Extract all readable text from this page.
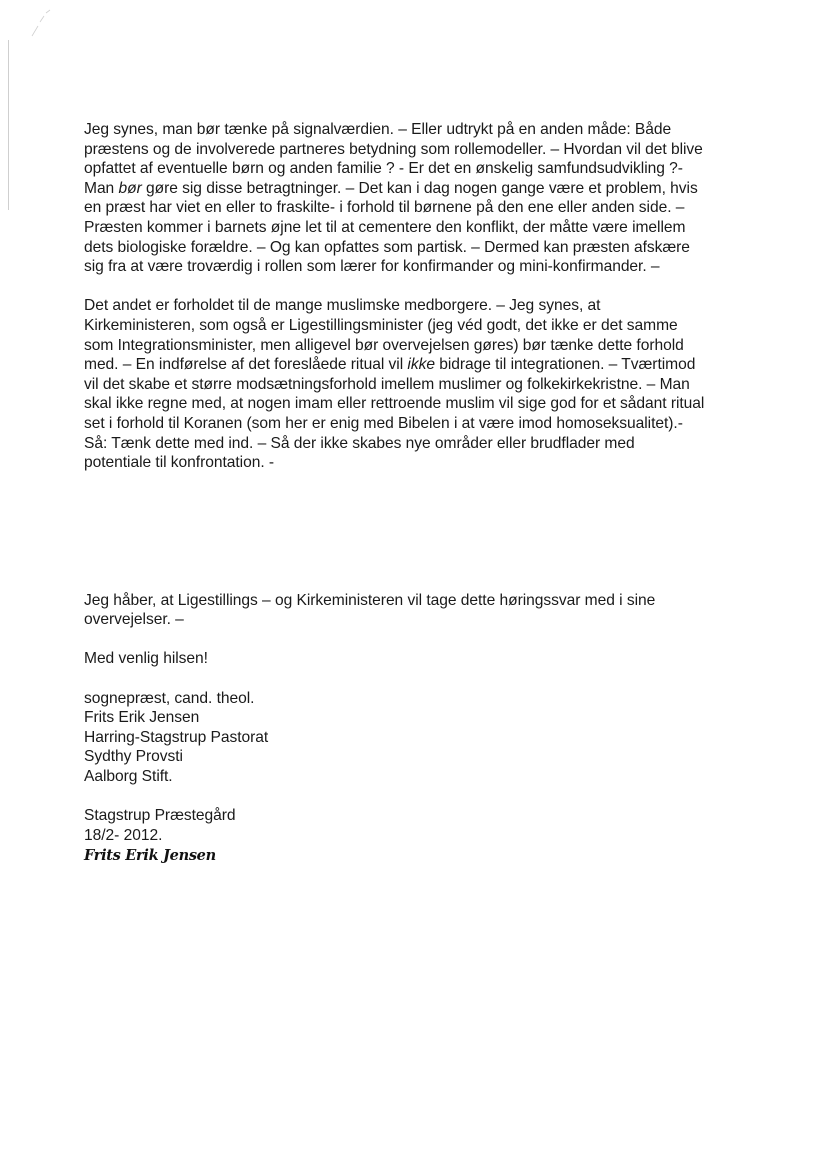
Jeg synes, man bør tænke på signalværdien. – Eller udtrykt på en anden måde: Både
præstens og de involverede partneres betydning som rollemodeller. – Hvordan vil det blive
opfattet af eventuelle børn og anden familie ? - Er det en ønskelig samfundsudvikling ?-
Man bør gøre sig disse betragtninger. – Det kan i dag nogen gange være et problem, hvis
en præst har viet en eller to fraskilte- i forhold til børnene på den ene eller anden side. –
Præsten kommer i barnets øjne let til at cementere den konflikt, der måtte være imellem
dets biologiske forældre. – Og kan opfattes som partisk. – Dermed kan præsten afskære
sig fra at være troværdig i rollen som lærer for konfirmander og mini-konfirmander. –
Det andet er forholdet til de mange muslimske medborgere. – Jeg synes, at
Kirkeministeren, som også er Ligestillingsminister (jeg véd godt, det ikke er det samme
som Integrationsminister, men alligevel bør overvejelsen gøres) bør tænke dette forhold
med. – En indførelse af det foreslåede ritual vil ikke bidrage til integrationen. – Tværtimod
vil det skabe et større modsætningsforhold imellem muslimer og folkekirkekristne. – Man
skal ikke regne med, at nogen imam eller rettroende muslim vil sige god for et sådant ritual
set i forhold til Koranen (som her er enig med Bibelen i at være imod homoseksualitet).-
Så: Tænk dette med ind. – Så der ikke skabes nye områder eller brudflader med
potentiale til konfrontation. -
Jeg håber, at Ligestillings – og Kirkeministeren vil tage dette høringssvar med i sine
overvejelser. –
Med venlig hilsen!
sognepræst, cand. theol.
Frits Erik Jensen
Harring-Stagstrup Pastorat
Sydthy Provsti
Aalborg Stift.
Stagstrup Præstegård
18/2- 2012.
Frits Erik Jensen
